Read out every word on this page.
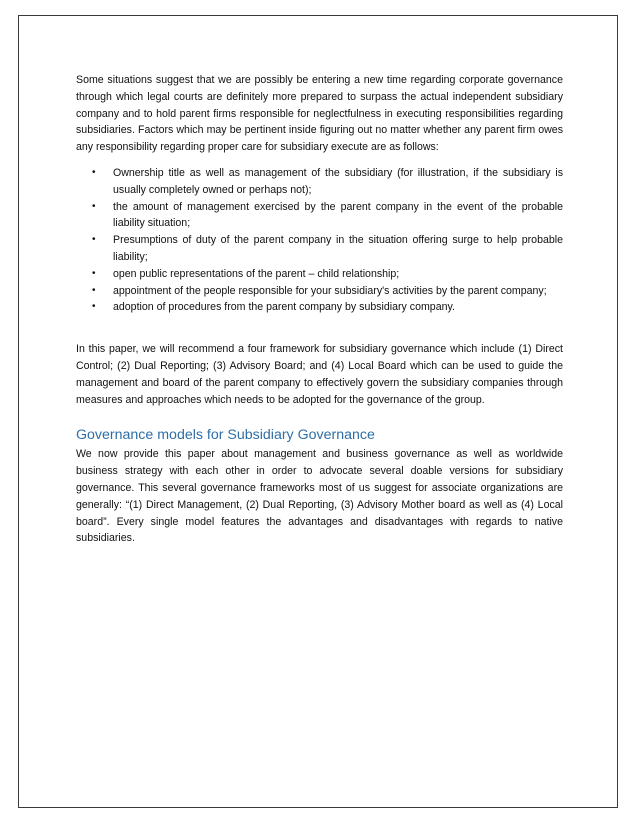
Some situations suggest that we are possibly be entering a new time regarding corporate governance through which legal courts are definitely more prepared to surpass the actual independent subsidiary company and to hold parent firms responsible for neglectfulness in executing responsibilities regarding subsidiaries. Factors which may be pertinent inside figuring out no matter whether any parent firm owes any responsibility regarding proper care for subsidiary execute are as follows:

• Ownership title as well as management of the subsidiary (for illustration, if the subsidiary is usually completely owned or perhaps not);
• the amount of management exercised by the parent company in the event of the probable liability situation;
• Presumptions of duty of the parent company in the situation offering surge to help probable liability;
• open public representations of the parent – child relationship;
• appointment of the people responsible for your subsidiary's activities by the parent company;
• adoption of procedures from the parent company by subsidiary company.

In this paper, we will recommend a four framework for subsidiary governance which include (1) Direct Control; (2) Dual Reporting; (3) Advisory Board; and (4) Local Board which can be used to guide the management and board of the parent company to effectively govern the subsidiary companies through measures and approaches which needs to be adopted for the governance of the group.

Governance models for Subsidiary Governance

We now provide this paper about management and business governance as well as worldwide business strategy with each other in order to advocate several doable versions for subsidiary governance. This several governance frameworks most of us suggest for associate organizations are generally: “(1) Direct Management, (2) Dual Reporting, (3) Advisory Mother board as well as (4) Local board”. Every single model features the advantages and disadvantages with regards to native subsidiaries.
